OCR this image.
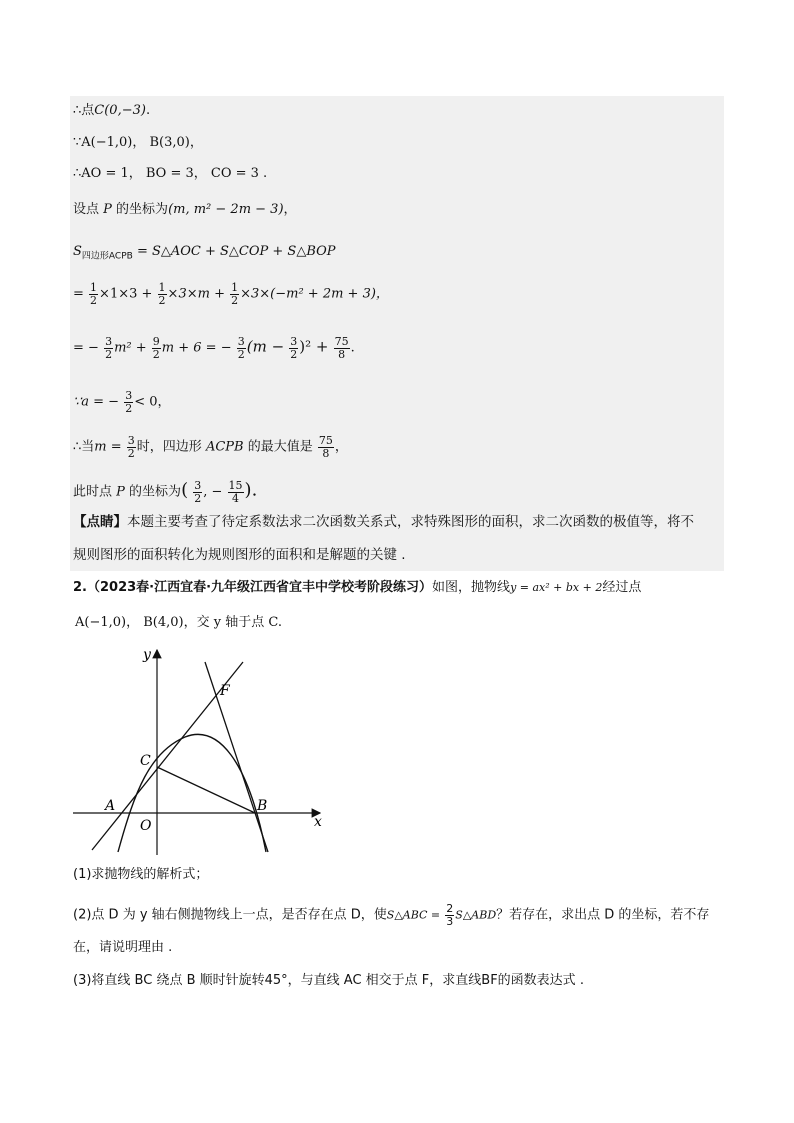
∴点C(0,−3).
∵A(−1,0)， B(3,0)，
∴AO = 1， BO = 3， CO = 3 .
设点 P 的坐标为(m, m² − 2m − 3)，
$S_{四边形ACPB}$ = S△AOC + S△COP + S△BOP
= $\frac{1}{2} \times 1\times 3 + \frac{1}{2} \times 3\times m + \frac{1}{2} \times 3\times(-m^2 + 2m + 3)$，
= − $\frac{3}{2} m^2 + \frac{9}{2}$ m + 6 = − $\frac{3}{2} (m - \frac{3}{2} )^2 + \frac{75}{8}$ .
∵a = − $\frac{3}{2} < 0$，
∴当$m = \frac{3}{2}$ 时，四边形 ACPB 的最大值是 $\frac{75}{8}$ ，
此时点 P 的坐标为( $\frac{3}{2}$ , − $\frac{15}{4}$ ).
【点睛】本题主要考查了待定系数法求二次函数关系式，求特殊图形的面积，求二次函数的极值等，将不
规则图形的面积转化为规则图形的面积和是解题的关键 .
2.（2023春·江西宜春·九年级江西省宜丰中学校考阶段练习）如图，抛物线y = ax² + bx + 2经过点
A(−1,0)， B(4,0)，交 y 轴于点 C.
y
x
F
C
A	B
O
(1)求抛物线的解析式；
(2)点 D 为 y 轴右侧抛物线上一点，是否存在点 D，使S△ABC = $\frac{2}{3}$ S△ABD？若存在，求出点 D 的坐标，若不存
在，请说明理由 .
(3)将直线 BC 绕点 B 顺时针旋转45°，与直线 AC 相交于点 F，求直线BF的函数表达式 .
